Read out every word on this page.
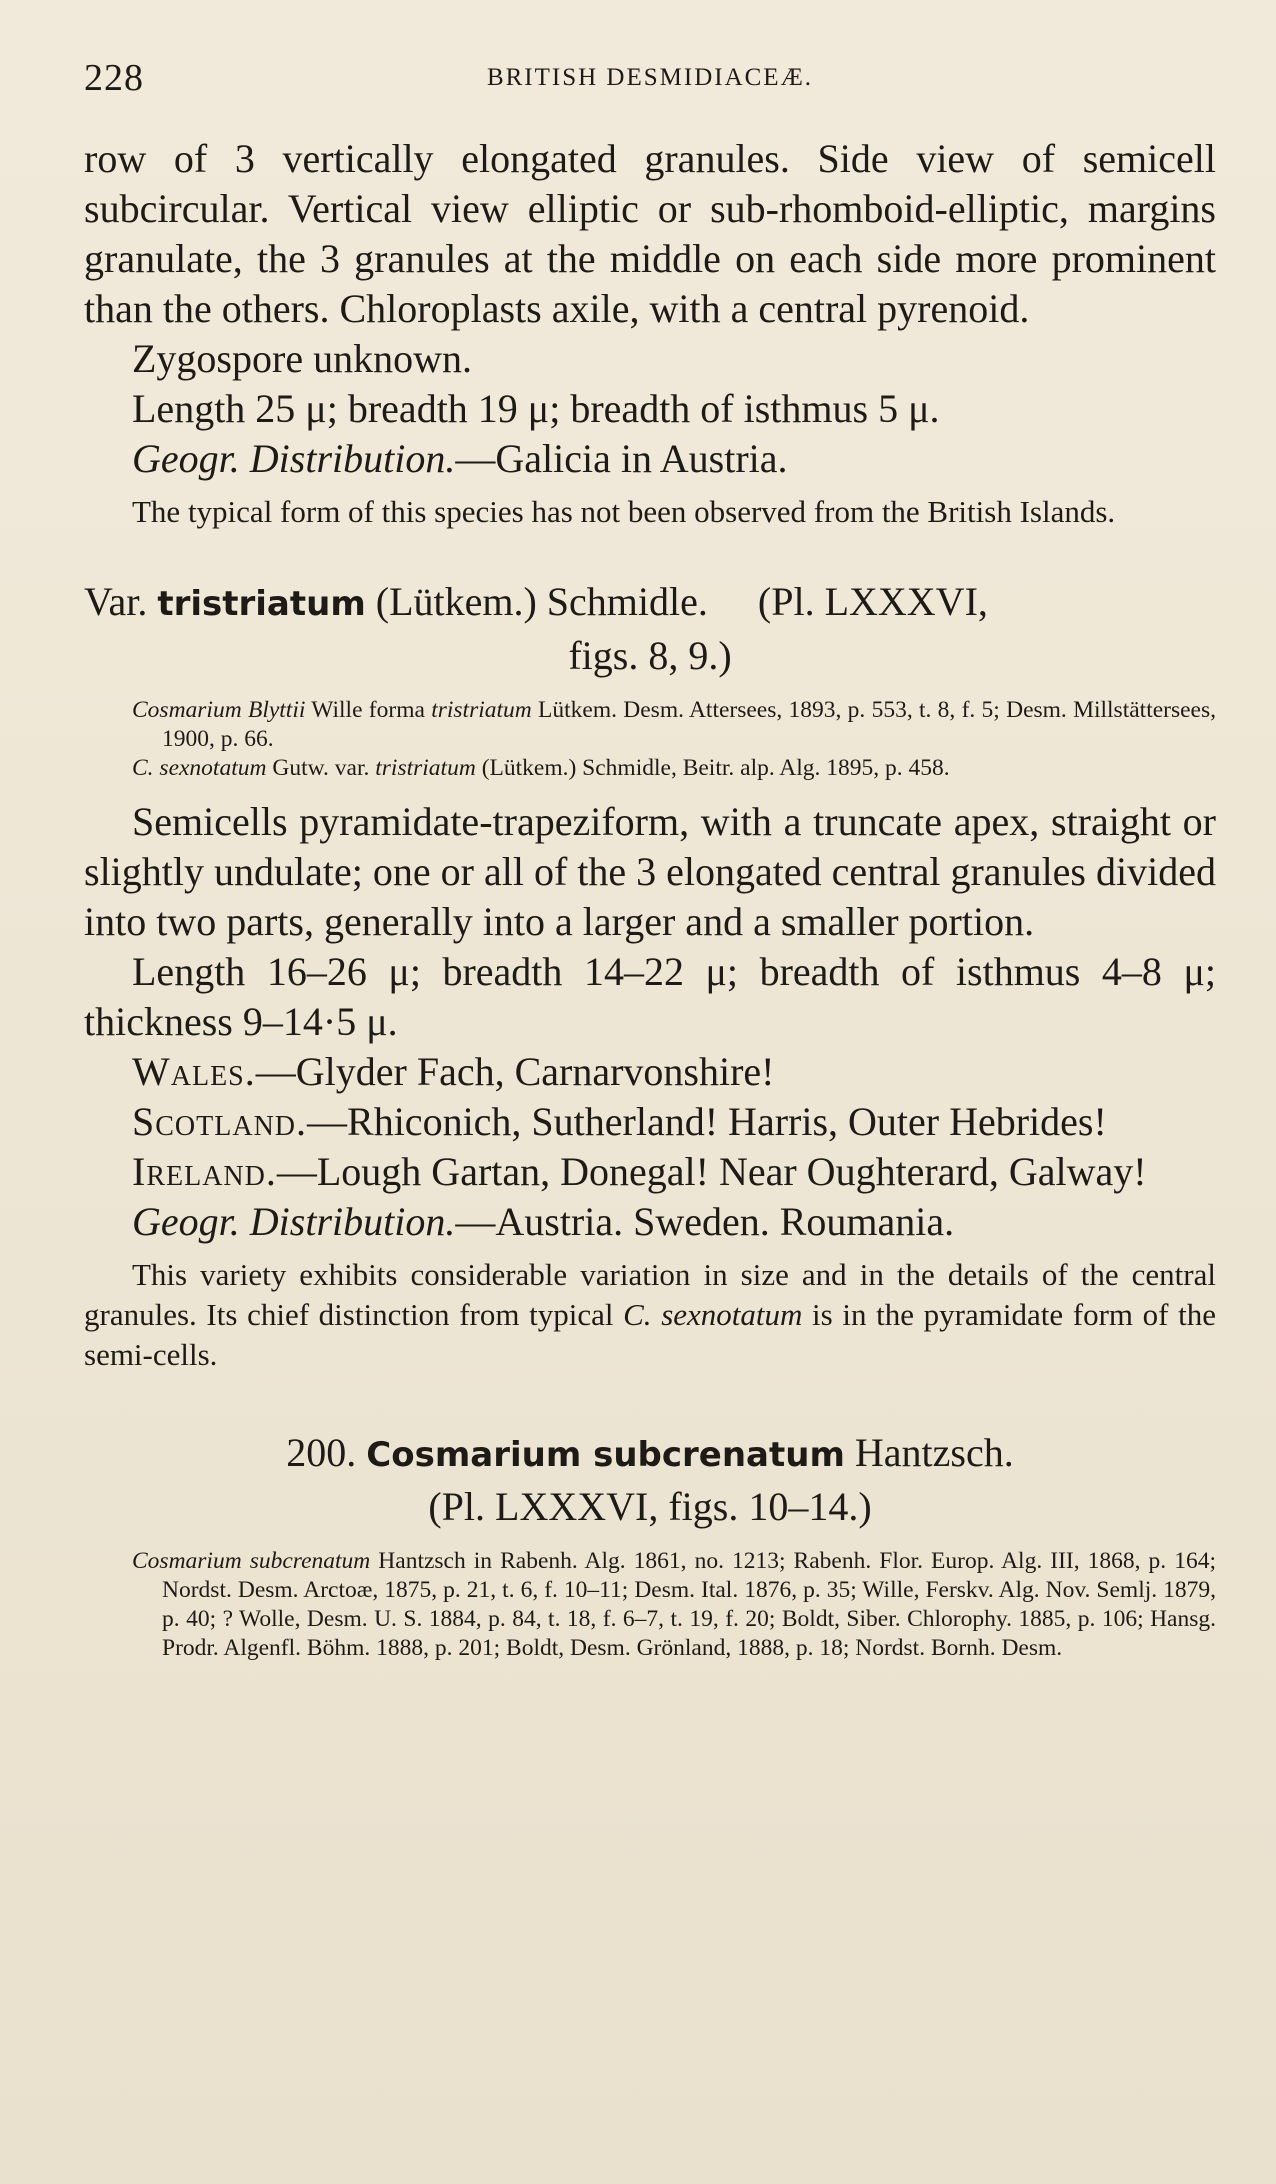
228	BRITISH DESMIDIACEÆ.

row of 3 vertically elongated granules. Side view of semicell subcircular. Vertical view elliptic or sub-rhomboid-elliptic, margins granulate, the 3 granules at the middle on each side more prominent than the others. Chloroplasts axile, with a central pyrenoid.

Zygospore unknown.

Length 25 μ; breadth 19 μ; breadth of isthmus 5 μ.

Geogr. Distribution.—Galicia in Austria.

The typical form of this species has not been observed from the British Islands.

Var. tristriatum (Lütkem.) Schmidle. (Pl. LXXXVI,
figs. 8, 9.)

Cosmarium Blyttii Wille forma tristriatum Lütkem. Desm. Attersees, 1893, p. 553, t. 8, f. 5; Desm. Millstättersees, 1900, p. 66.

C. sexnotatum Gutw. var. tristriatum (Lütkem.) Schmidle, Beitr. alp. Alg. 1895, p. 458.

Semicells pyramidate-trapeziform, with a truncate apex, straight or slightly undulate; one or all of the 3 elongated central granules divided into two parts, generally into a larger and a smaller portion.

Length 16–26 μ; breadth 14–22 μ; breadth of isthmus 4–8 μ; thickness 9–14·5 μ.

Wales.—Glyder Fach, Carnarvonshire!

Scotland.—Rhiconich, Sutherland! Harris, Outer Hebrides!

Ireland.—Lough Gartan, Donegal! Near Oughterard, Galway!

Geogr. Distribution.—Austria. Sweden. Roumania.

This variety exhibits considerable variation in size and in the details of the central granules. Its chief distinction from typical C. sexnotatum is in the pyramidate form of the semi-cells.

200. Cosmarium subcrenatum Hantzsch.
(Pl. LXXXVI, figs. 10–14.)

Cosmarium subcrenatum Hantzsch in Rabenh. Alg. 1861, no. 1213; Rabenh. Flor. Europ. Alg. III, 1868, p. 164; Nordst. Desm. Arctoæ, 1875, p. 21, t. 6, f. 10–11; Desm. Ital. 1876, p. 35; Wille, Ferskv. Alg. Nov. Semlj. 1879, p. 40; ? Wolle, Desm. U. S. 1884, p. 84, t. 18, f. 6–7, t. 19, f. 20; Boldt, Siber. Chlorophy. 1885, p. 106; Hansg. Prodr. Algenfl. Böhm. 1888, p. 201; Boldt, Desm. Grönland, 1888, p. 18; Nordst. Bornh. Desm.
